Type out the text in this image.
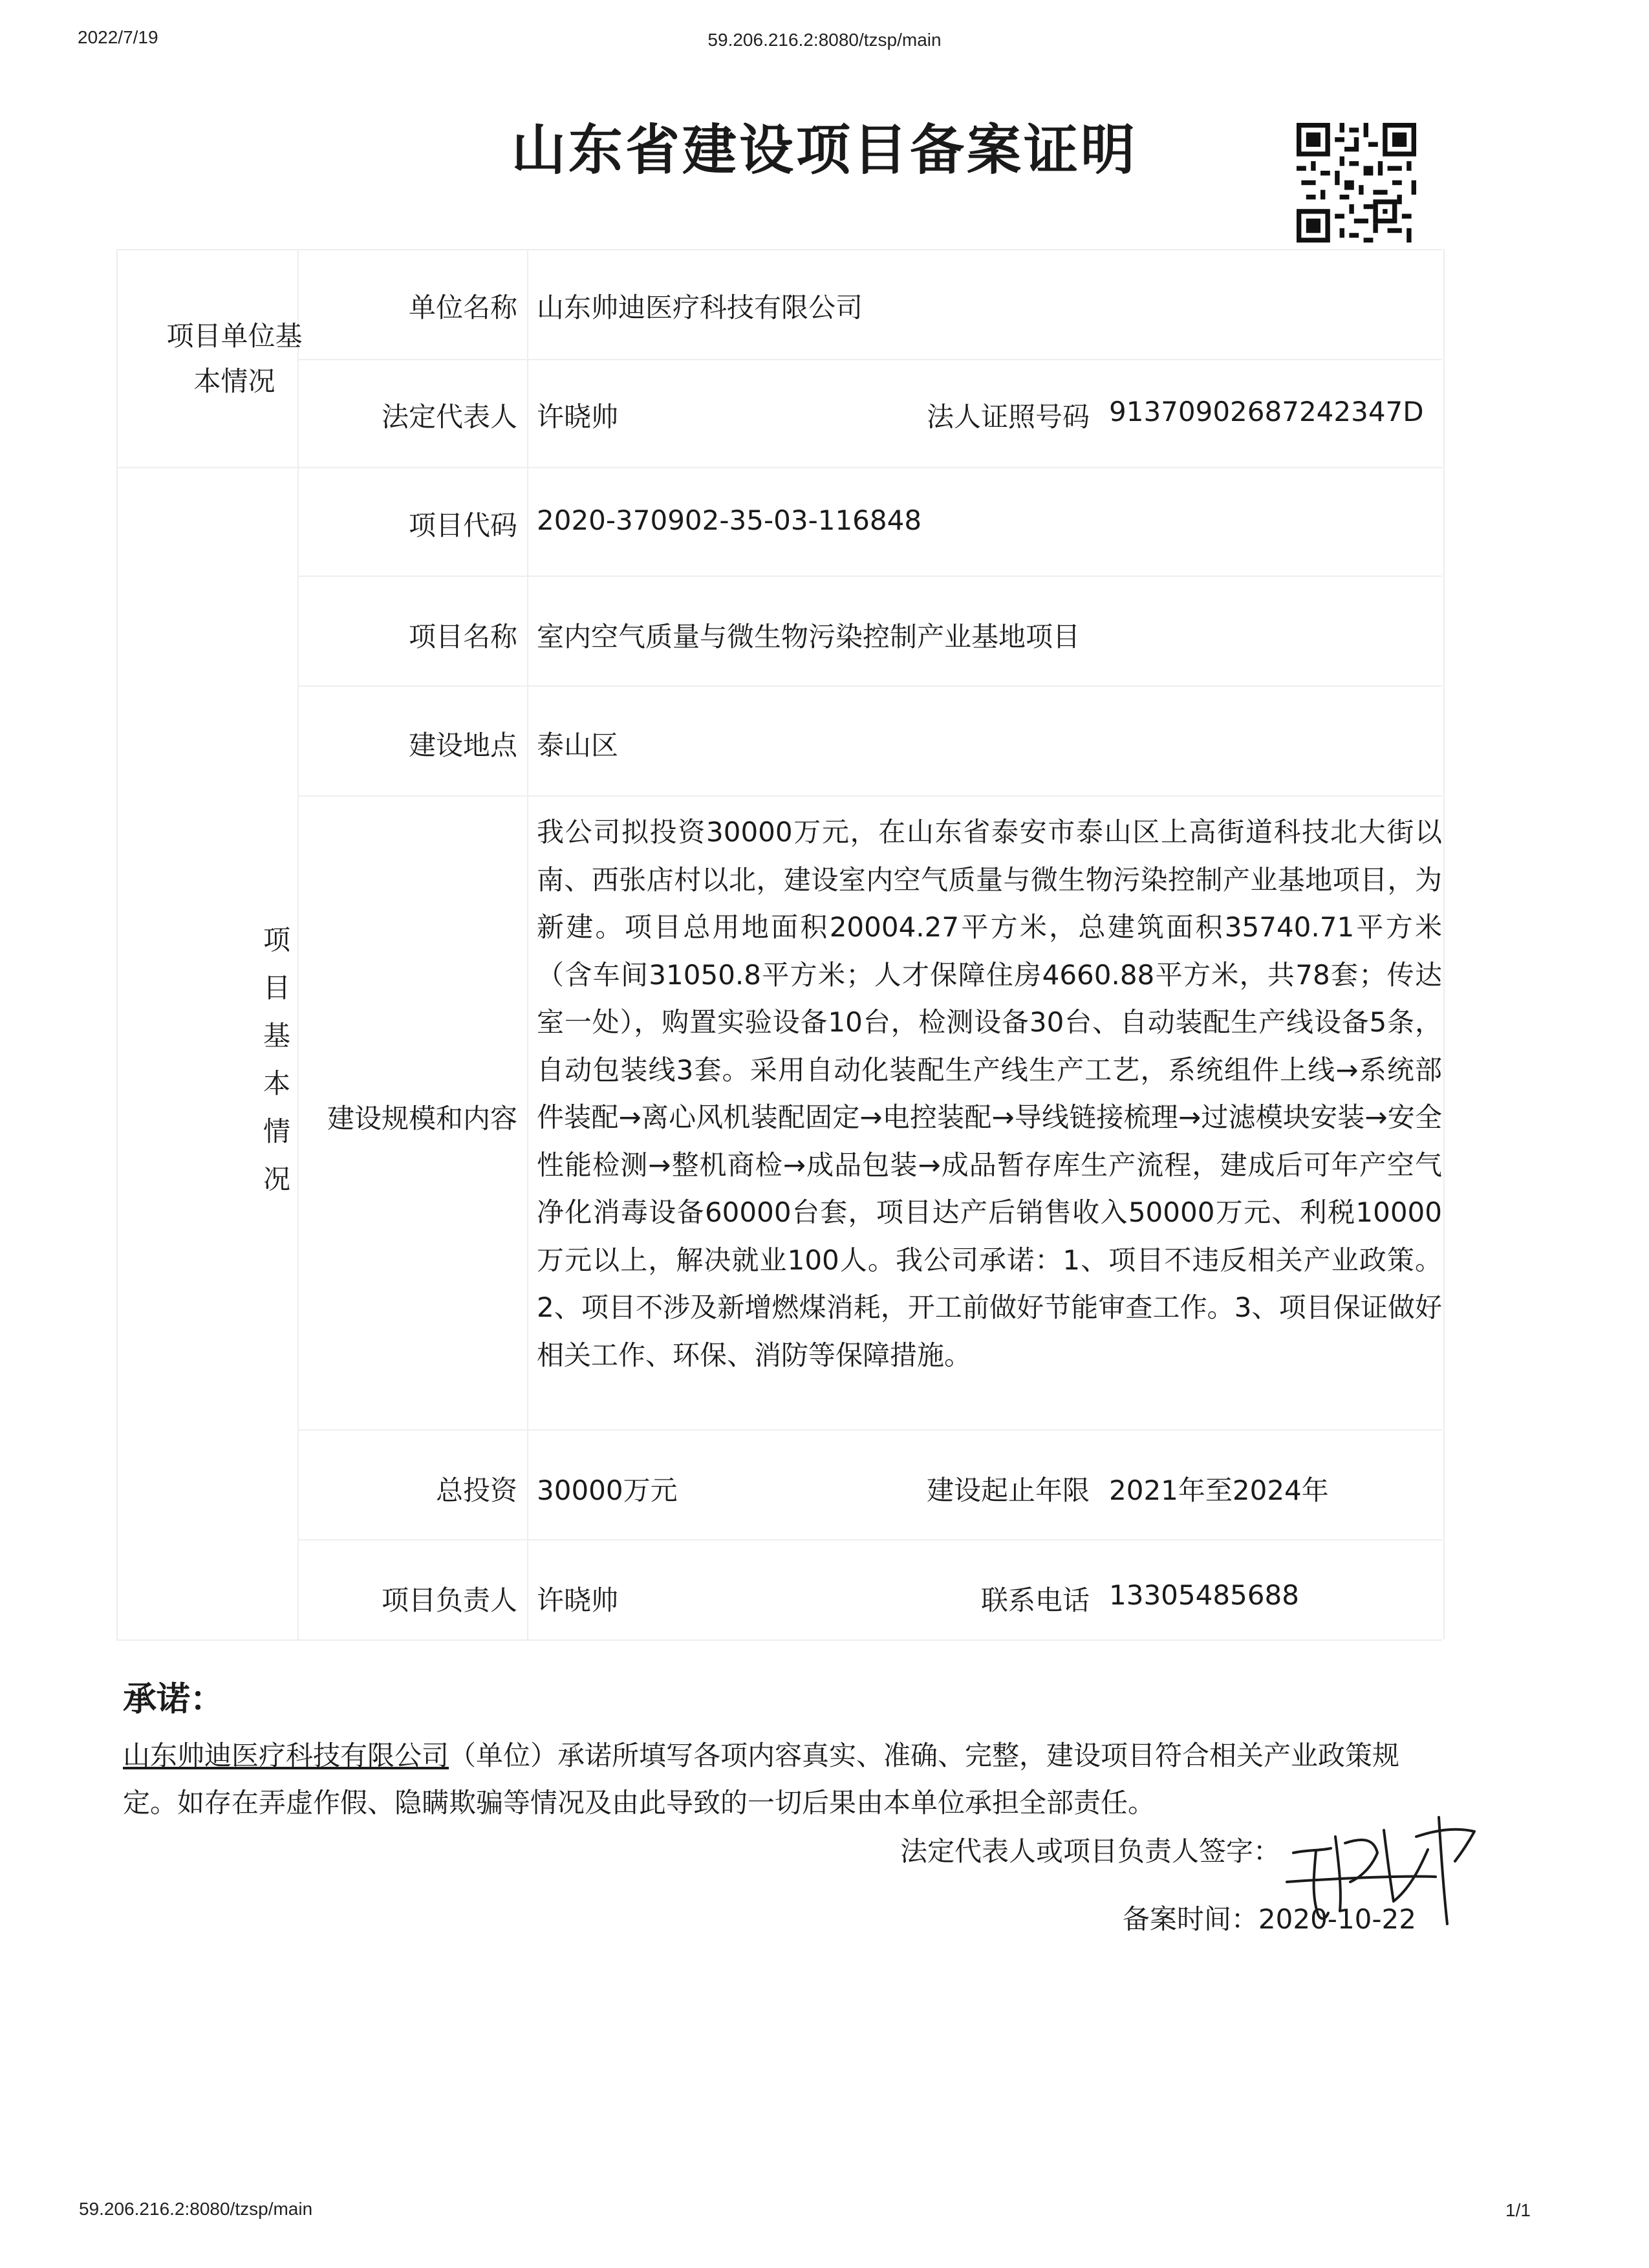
2022/7/19	59.206.216.2:8080/tzsp/main
59.206.216.2:8080/tzsp/main	1/1
山东省建设项目备案证明
项目单位基本情况
项目基本情况
单位名称 山东帅迪医疗科技有限公司
法定代表人 许晓帅	法人证照号码 91370902687242347D
项目代码 2020-370902-35-03-116848
项目名称 室内空气质量与微生物污染控制产业基地项目
建设地点 泰山区
建设规模和内容
我公司拟投资30000万元，在山东省泰安市泰山区上高街道科技北大街以南、西张店村以北，建设室内空气质量与微生物污染控制产业基地项目，为新建。项目总用地面积20004.27平方米，总建筑面积35740.71平方米（含车间31050.8平方米；人才保障住房4660.88平方米，共78套；传达室一处），购置实验设备10台，检测设备30台、自动装配生产线设备5条，自动包装线3套。采用自动化装配生产线生产工艺，系统组件上线→系统部件装配→离心风机装配固定→电控装配→导线链接梳理→过滤模块安装→安全性能检测→整机商检→成品包装→成品暂存库生产流程，建成后可年产空气净化消毒设备60000台套，项目达产后销售收入50000万元、利税10000万元以上，解决就业100人。我公司承诺：1、项目不违反相关产业政策。2、项目不涉及新增燃煤消耗，开工前做好节能审查工作。3、项目保证做好相关工作、环保、消防等保障措施。
总投资 30000万元	建设起止年限 2021年至2024年
项目负责人 许晓帅	联系电话 13305485688
承诺：
山东帅迪医疗科技有限公司（单位）承诺所填写各项内容真实、准确、完整，建设项目符合相关产业政策规定。如存在弄虚作假、隐瞒欺骗等情况及由此导致的一切后果由本单位承担全部责任。
法定代表人或项目负责人签字：
备案时间：2020-10-22
